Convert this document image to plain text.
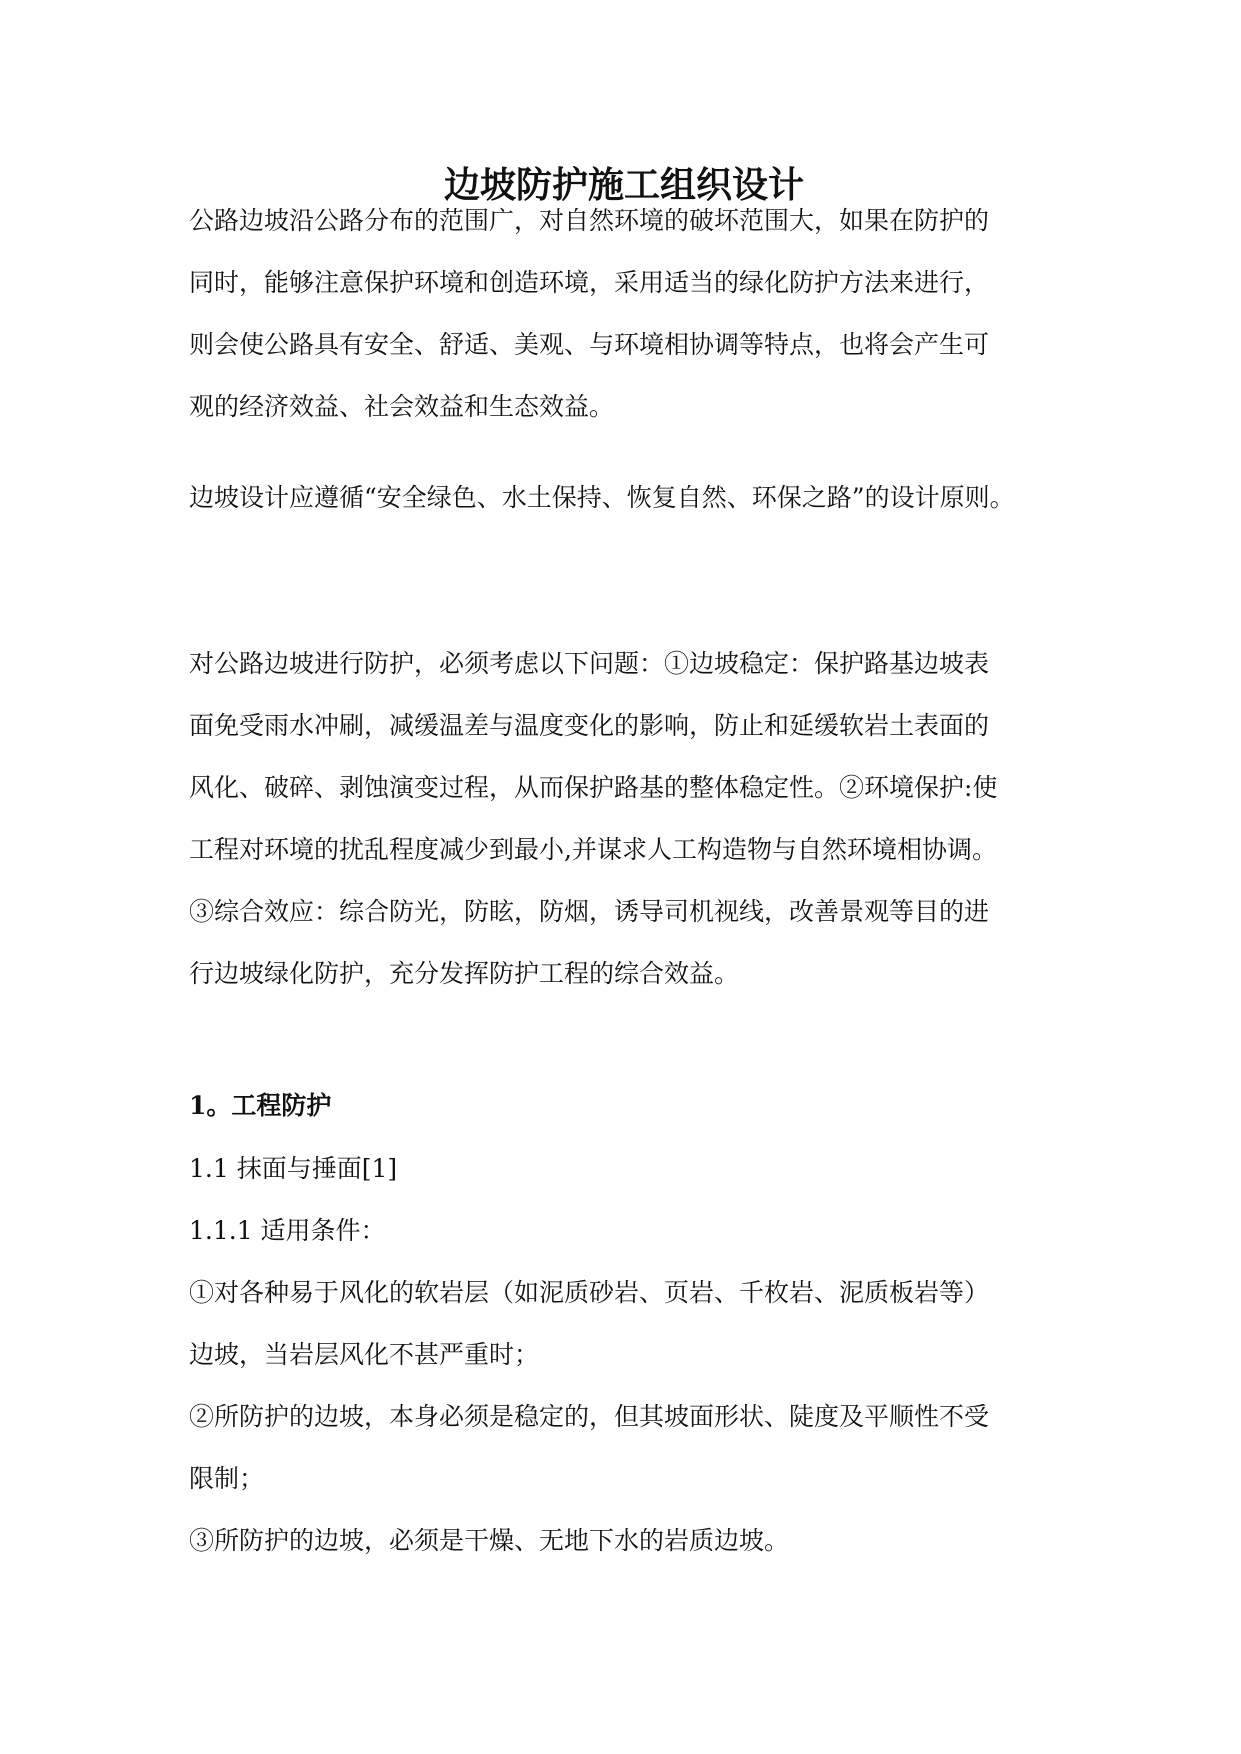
边坡防护施工组织设计

公路边坡沿公路分布的范围广，对自然环境的破坏范围大，如果在防护的
同时，能够注意保护环境和创造环境，采用适当的绿化防护方法来进行，
则会使公路具有安全、舒适、美观、与环境相协调等特点，也将会产生可
观的经济效益、社会效益和生态效益。

边坡设计应遵循“安全绿色、水土保持、恢复自然、环保之路”的设计原则。

对公路边坡进行防护，必须考虑以下问题：①边坡稳定：保护路基边坡表
面免受雨水冲刷，减缓温差与温度变化的影响，防止和延缓软岩土表面的
风化、破碎、剥蚀演变过程，从而保护路基的整体稳定性。②环境保护:使
工程对环境的扰乱程度减少到最小,并谋求人工构造物与自然环境相协调。
③综合效应：综合防光，防眩，防烟，诱导司机视线，改善景观等目的进
行边坡绿化防护，充分发挥防护工程的综合效益。

1。工程防护

1.1 抹面与捶面[1]

1.1.1 适用条件：

①对各种易于风化的软岩层（如泥质砂岩、页岩、千枚岩、泥质板岩等）
边坡，当岩层风化不甚严重时；
②所防护的边坡，本身必须是稳定的，但其坡面形状、陡度及平顺性不受
限制；
③所防护的边坡，必须是干燥、无地下水的岩质边坡。
